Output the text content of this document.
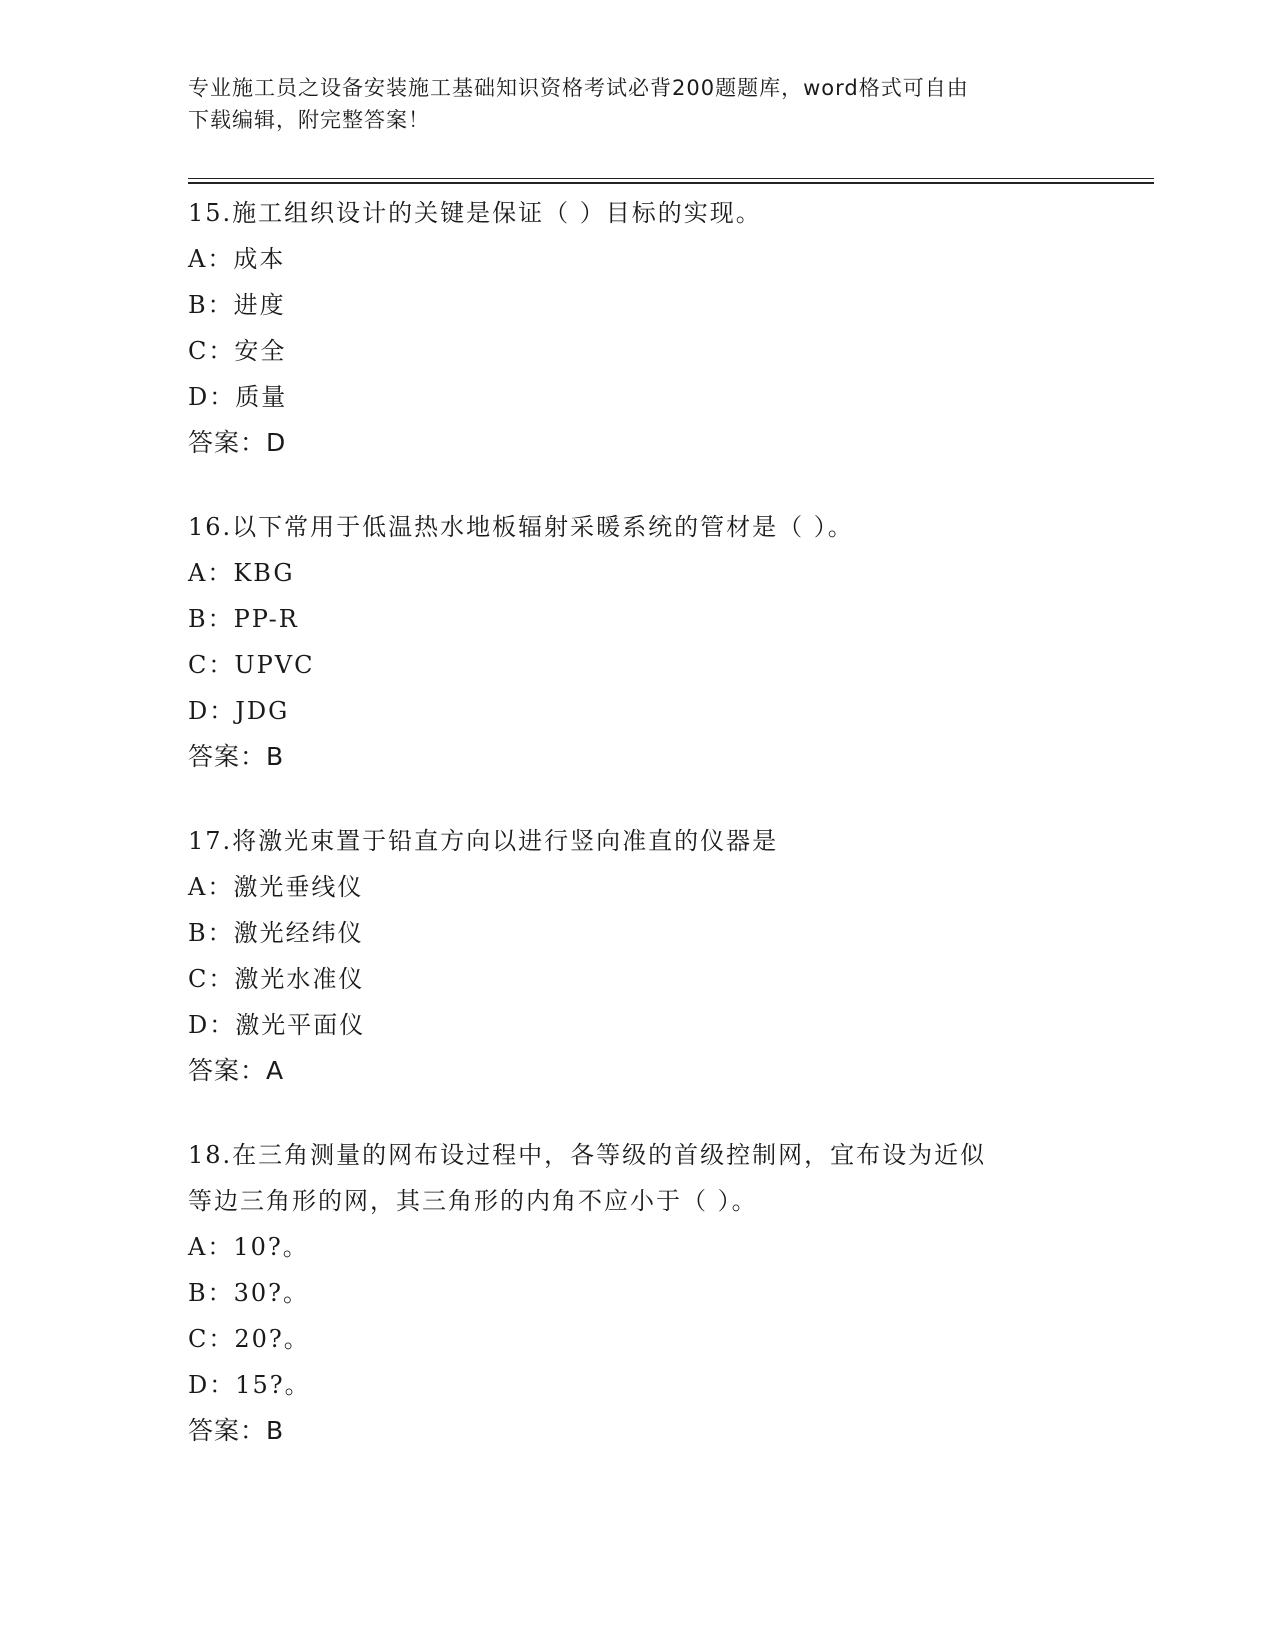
专业施工员之设备安装施工基础知识资格考试必背200题题库，word格式可自由
下载编辑，附完整答案！
15.施工组织设计的关键是保证（ ）目标的实现。
A：成本
B：进度
C：安全
D：质量
答案：D
16.以下常用于低温热水地板辐射采暖系统的管材是（ ）。
A：KBG
B：PP-R
C：UPVC
D：JDG
答案：B
17.将激光束置于铅直方向以进行竖向准直的仪器是
A：激光垂线仪
B：激光经纬仪
C：激光水准仪
D：激光平面仪
答案：A
18.在三角测量的网布设过程中，各等级的首级控制网，宜布设为近似
等边三角形的网，其三角形的内角不应小于（ ）。
A：10?。
B：30?。
C：20?。
D：15?。
答案：B
